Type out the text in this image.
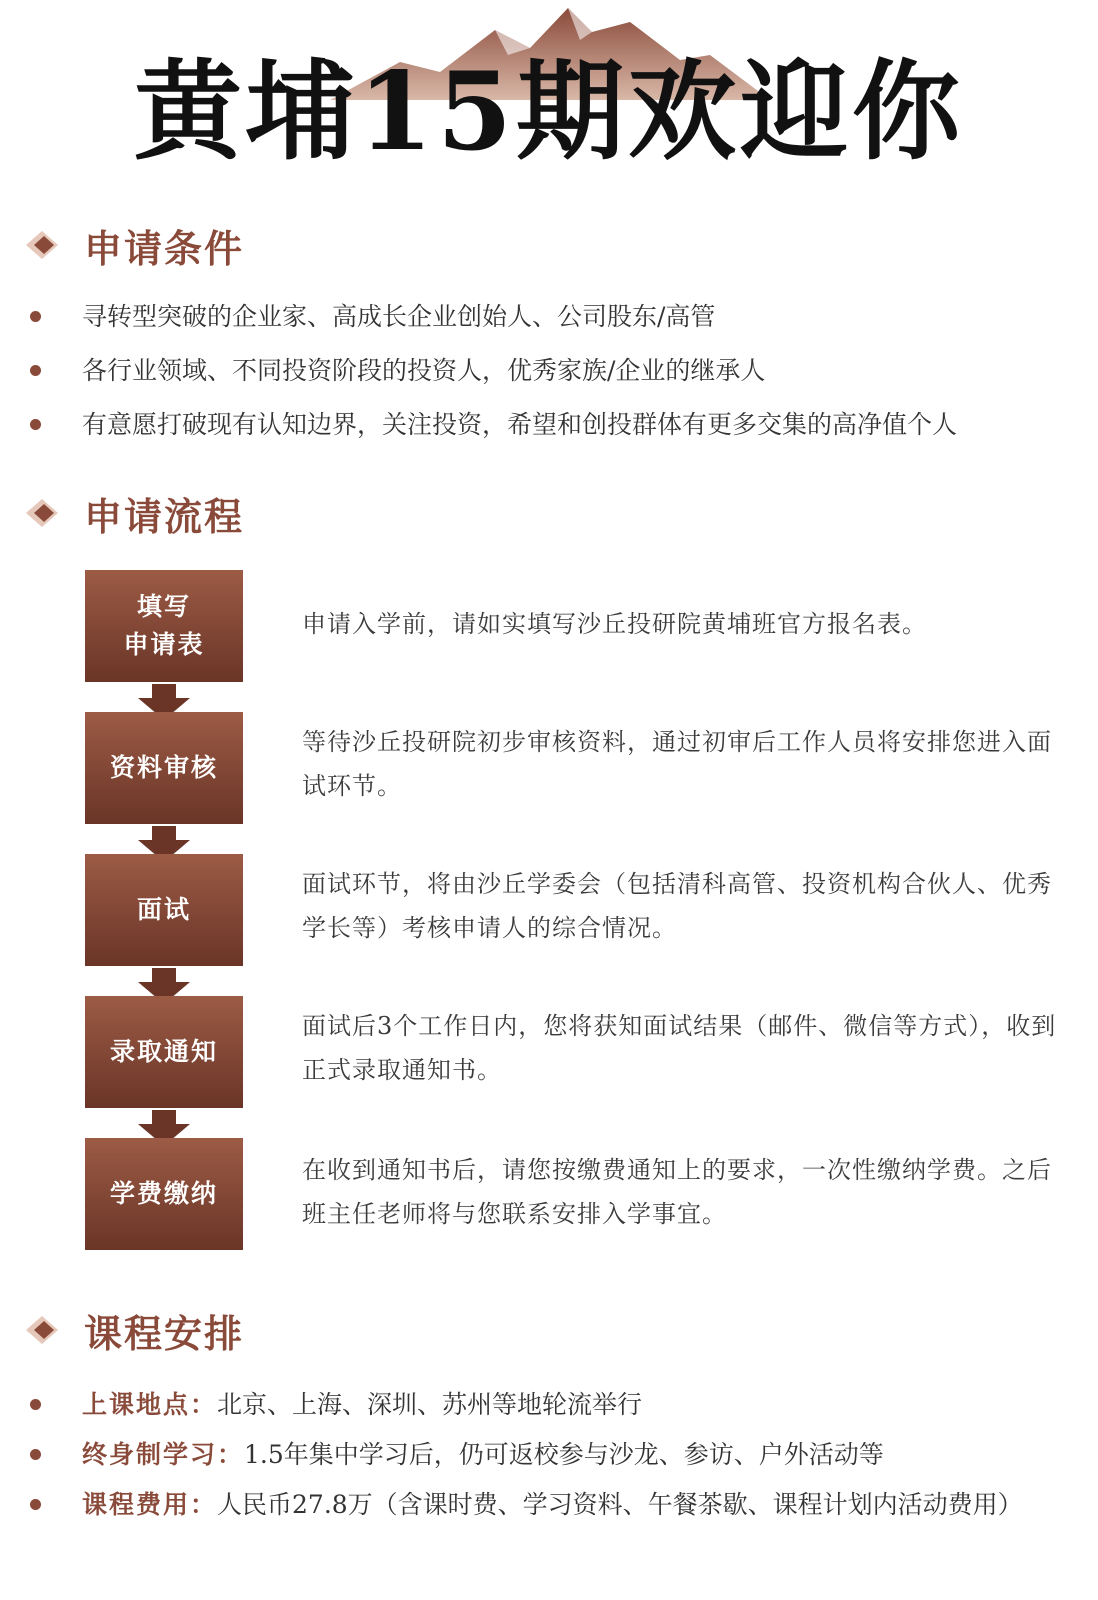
黄埔15期欢迎你
申请条件
寻转型突破的企业家、高成长企业创始人、公司股东/高管
各行业领域、不同投资阶段的投资人，优秀家族/企业的继承人
有意愿打破现有认知边界，关注投资，希望和创投群体有更多交集的高净值个人
申请流程
填写
申请表
申请入学前，请如实填写沙丘投研院黄埔班官方报名表。
资料审核
等待沙丘投研院初步审核资料，通过初审后工作人员将安排您进入面试环节。
面试
面试环节，将由沙丘学委会（包括清科高管、投资机构合伙人、优秀学长等）考核申请人的综合情况。
录取通知
面试后3个工作日内，您将获知面试结果（邮件、微信等方式），收到正式录取通知书。
学费缴纳
在收到通知书后，请您按缴费通知上的要求，一次性缴纳学费。之后班主任老师将与您联系安排入学事宜。
课程安排
上课地点：北京、上海、深圳、苏州等地轮流举行
终身制学习：1.5年集中学习后，仍可返校参与沙龙、参访、户外活动等
课程费用：人民币27.8万（含课时费、学习资料、午餐茶歇、课程计划内活动费用）
